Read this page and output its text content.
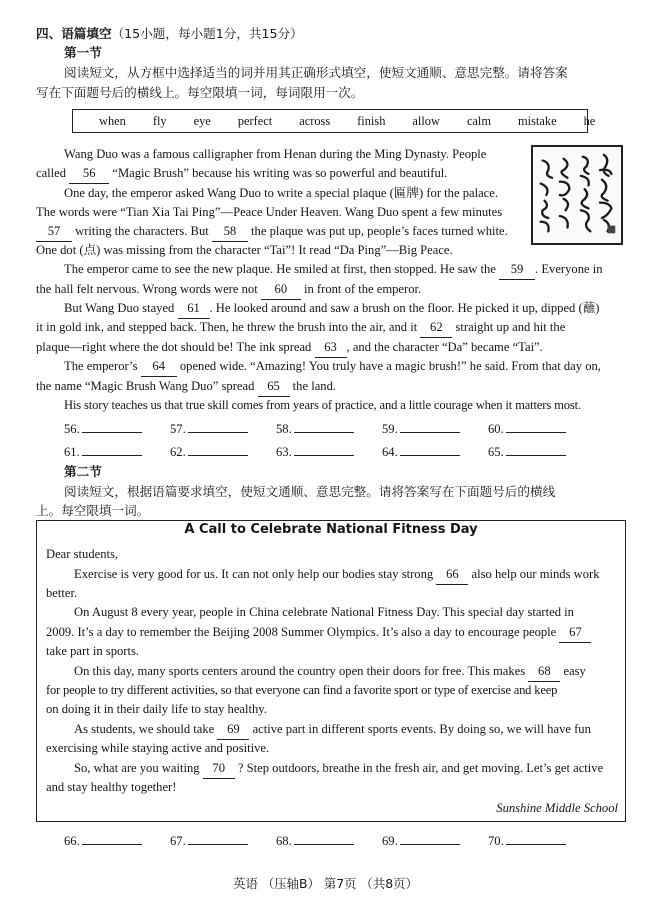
四、语篇填空（15小题，每小题1分，共15分）
第一节
阅读短文，从方框中选择适当的词并用其正确形式填空，使短文通顺、意思完整。请将答案
写在下面题号后的横线上。每空限填一词，每词限用一次。
when fly eye perfect across finish allow calm mistake he
Wang Duo was a famous calligrapher from Henan during the Ming Dynasty. People
called 56 “Magic Brush” because his writing was so powerful and beautiful.
One day, the emperor asked Wang Duo to write a special plaque (匾牌) for the palace.
The words were “Tian Xia Tai Ping”—Peace Under Heaven. Wang Duo spent a few minutes
57 writing the characters. But 58 the plaque was put up, people’s faces turned white.
One dot (点) was missing from the character “Tai”! It read “Da Ping”—Big Peace.
The emperor came to see the new plaque. He smiled at first, then stopped. He saw the 59 . Everyone in
the hall felt nervous. Wrong words were not 60 in front of the emperor.
But Wang Duo stayed 61 . He looked around and saw a brush on the floor. He picked it up, dipped (蘸)
it in gold ink, and stepped back. Then, he threw the brush into the air, and it 62 straight up and hit the
plaque—right where the dot should be! The ink spread 63 , and the character “Da” became “Tai”.
The emperor’s 64 opened wide. “Amazing! You truly have a magic brush!” he said. From that day on,
the name “Magic Brush Wang Duo” spread 65 the land.
His story teaches us that true skill comes from years of practice, and a little courage when it matters most.
56.	57.	58.	59.	60.
61.	62.	63.	64.	65.
第二节
阅读短文，根据语篇要求填空，使短文通顺、意思完整。请将答案写在下面题号后的横线
上。每空限填一词。
A Call to Celebrate National Fitness Day
Dear students,
Exercise is very good for us. It can not only help our bodies stay strong 66 also help our minds work
better.
On August 8 every year, people in China celebrate National Fitness Day. This special day started in
2009. It’s a day to remember the Beijing 2008 Summer Olympics. It’s also a day to encourage people 67
take part in sports.
On this day, many sports centers around the country open their doors for free. This makes 68 easy
for people to try different activities, so that everyone can find a favorite sport or type of exercise and keep
on doing it in their daily life to stay healthy.
As students, we should take 69 active part in different sports events. By doing so, we will have fun
exercising while staying active and positive.
So, what are you waiting 70 ? Step outdoors, breathe in the fresh air, and get moving. Let’s get active
and stay healthy together!
Sunshine Middle School
66.	67.	68.	69.	70.
英语 （压轴B） 第7页 （共8页）
